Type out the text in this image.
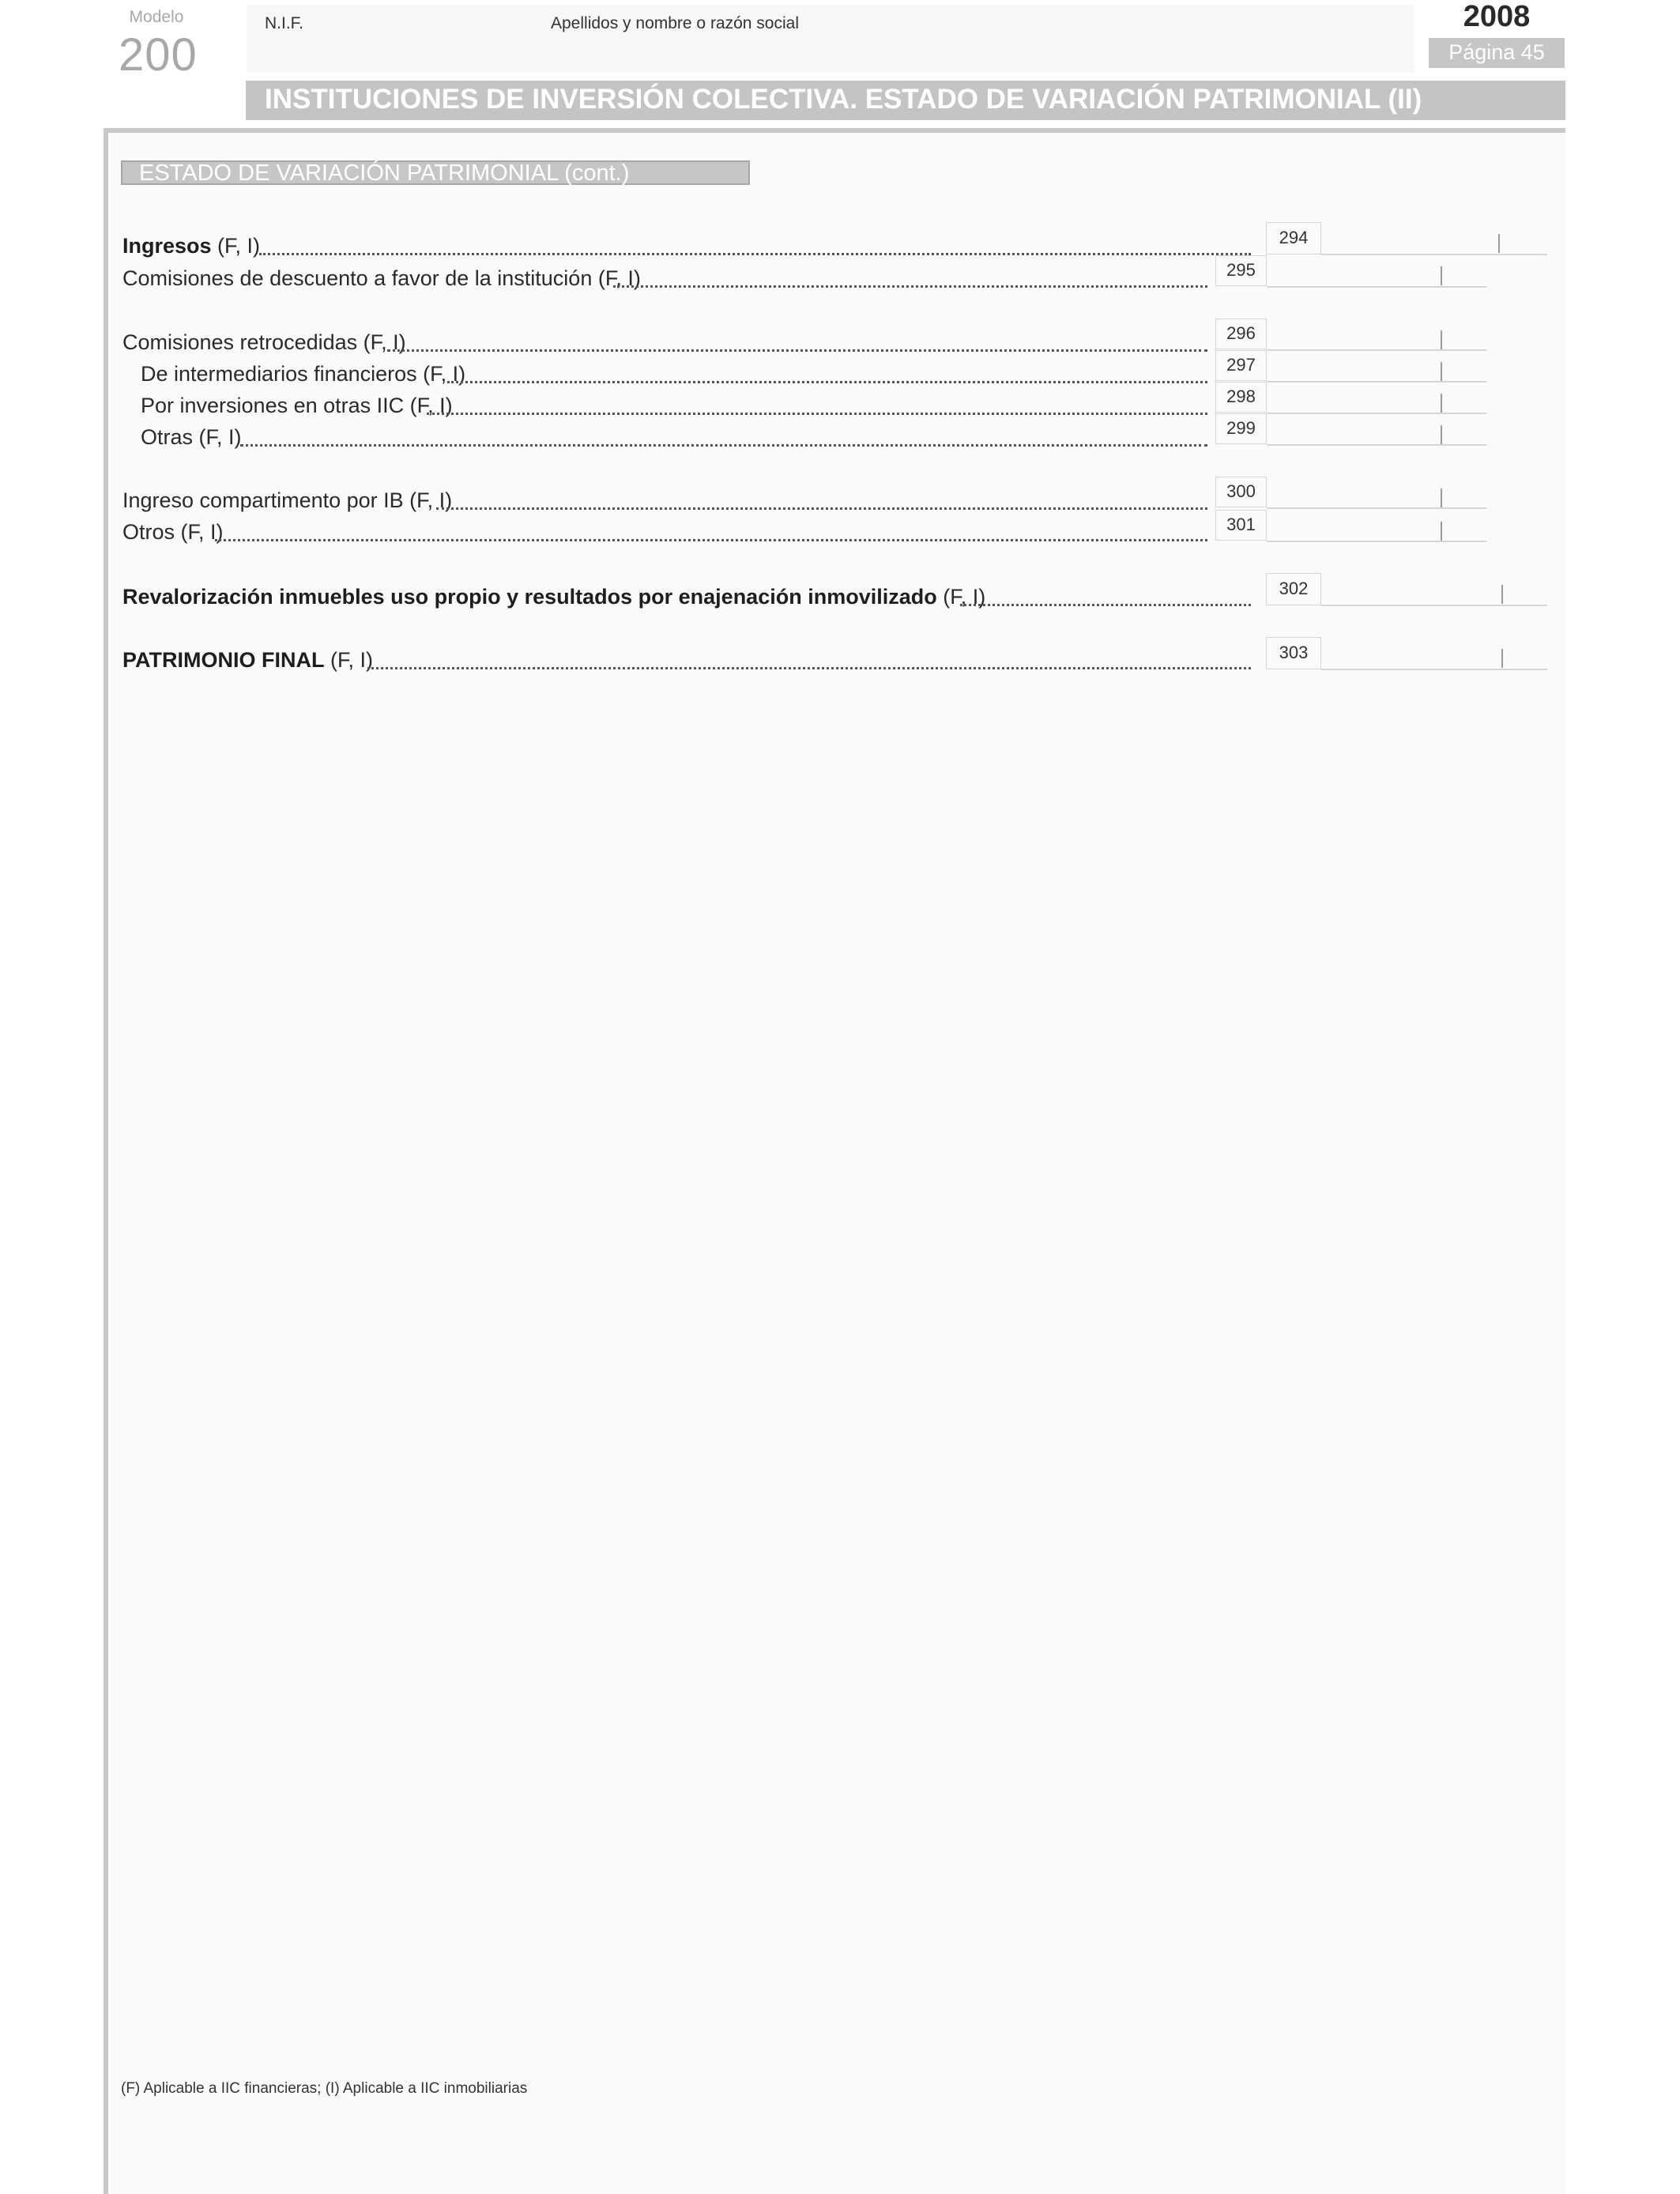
Modelo
200
N.I.F.	Apellidos y nombre o razón social	2008
Página 45
INSTITUCIONES DE INVERSIÓN COLECTIVA. ESTADO DE VARIACIÓN PATRIMONIAL (II)
ESTADO DE VARIACIÓN PATRIMONIAL (cont.)
Ingresos (F, I)	294
Comisiones de descuento a favor de la institución (F, I)	295
Comisiones retrocedidas (F, I)	296
De intermediarios financieros (F, I)	297
Por inversiones en otras IIC (F, I)	298
Otras (F, I)	299
Ingreso compartimento por IB (F, I)	300
Otros (F, I)	301
Revalorización inmuebles uso propio y resultados por enajenación inmovilizado (F, I)	302
PATRIMONIO FINAL (F, I)	303
(F) Aplicable a IIC financieras; (I) Aplicable a IIC inmobiliarias
